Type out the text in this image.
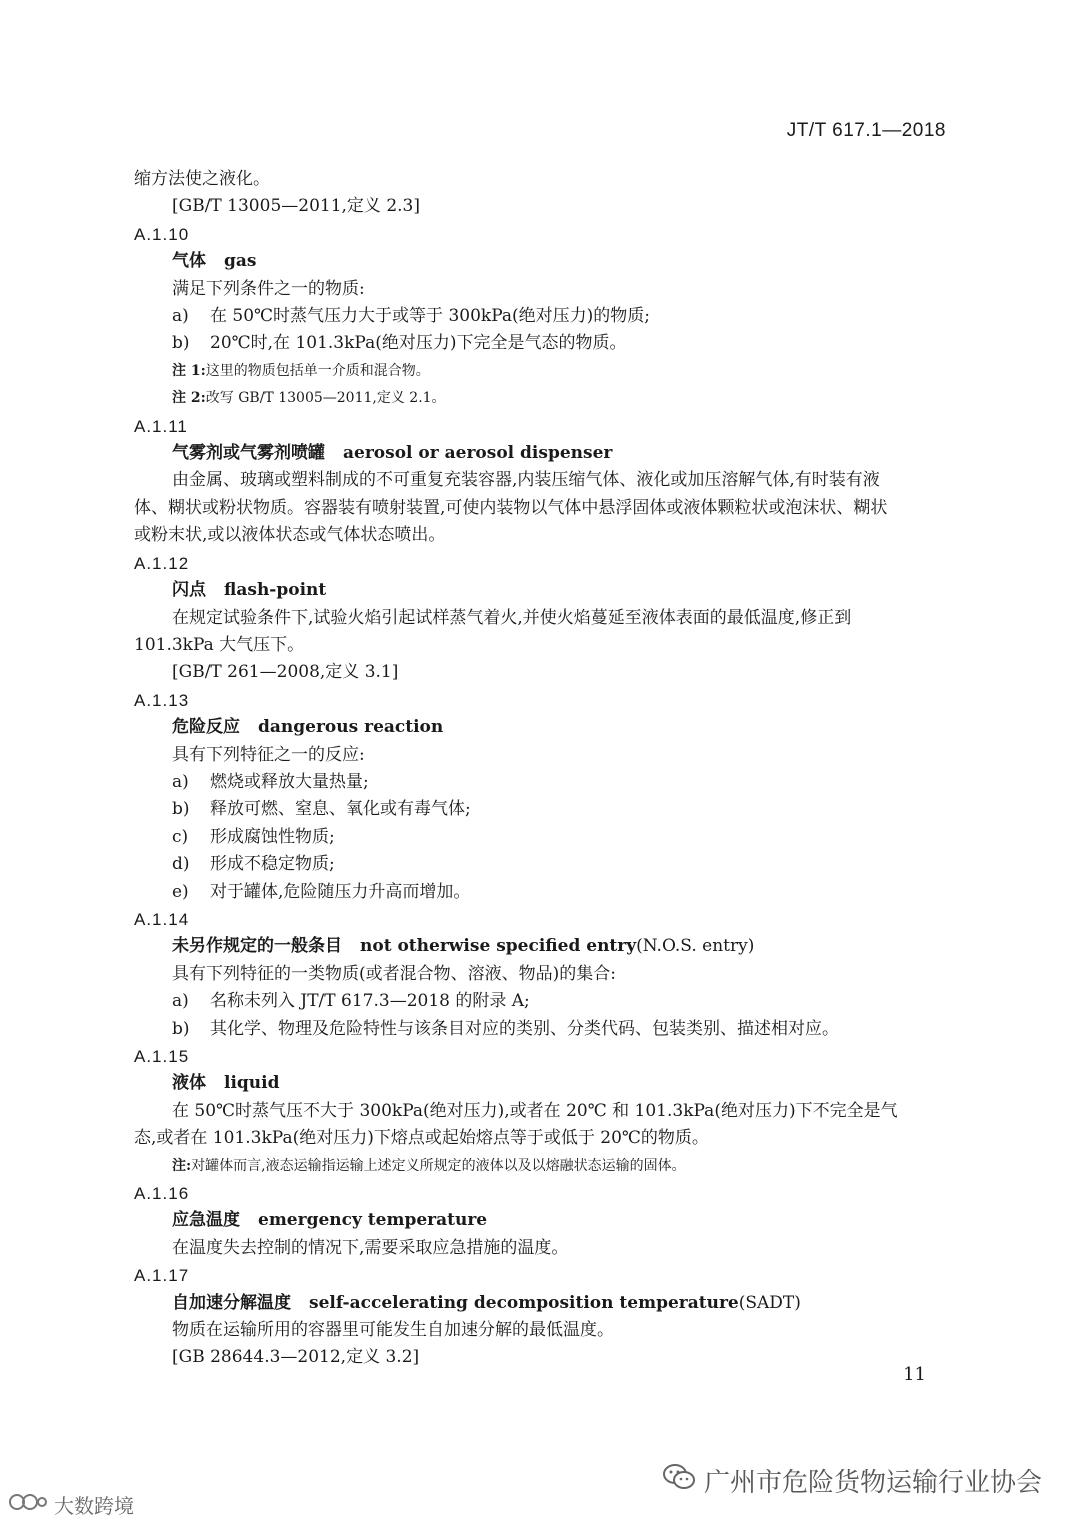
JT/T 617.1—2018
缩方法使之液化。
[GB/T 13005—2011,定义 2.3]
A.1.10
气体 gas
满足下列条件之一的物质:
a) 在 50℃时蒸气压力大于或等于 300kPa(绝对压力)的物质;
b) 20℃时,在 101.3kPa(绝对压力)下完全是气态的物质。
注 1:这里的物质包括单一介质和混合物。
注 2:改写 GB/T 13005—2011,定义 2.1。
A.1.11
气雾剂或气雾剂喷罐 aerosol or aerosol dispenser
由金属、玻璃或塑料制成的不可重复充装容器,内装压缩气体、液化或加压溶解气体,有时装有液
体、糊状或粉状物质。容器装有喷射装置,可使内装物以气体中悬浮固体或液体颗粒状或泡沫状、糊状
或粉末状,或以液体状态或气体状态喷出。
A.1.12
闪点 flash-point
在规定试验条件下,试验火焰引起试样蒸气着火,并使火焰蔓延至液体表面的最低温度,修正到
101.3kPa 大气压下。
[GB/T 261—2008,定义 3.1]
A.1.13
危险反应 dangerous reaction
具有下列特征之一的反应:
a) 燃烧或释放大量热量;
b) 释放可燃、窒息、氧化或有毒气体;
c) 形成腐蚀性物质;
d) 形成不稳定物质;
e) 对于罐体,危险随压力升高而增加。
A.1.14
未另作规定的一般条目 not otherwise specified entry(N.O.S. entry)
具有下列特征的一类物质(或者混合物、溶液、物品)的集合:
a) 名称未列入 JT/T 617.3—2018 的附录 A;
b) 其化学、物理及危险特性与该条目对应的类别、分类代码、包装类别、描述相对应。
A.1.15
液体 liquid
在 50℃时蒸气压不大于 300kPa(绝对压力),或者在 20℃ 和 101.3kPa(绝对压力)下不完全是气
态,或者在 101.3kPa(绝对压力)下熔点或起始熔点等于或低于 20℃的物质。
注:对罐体而言,液态运输指运输上述定义所规定的液体以及以熔融状态运输的固体。
A.1.16
应急温度 emergency temperature
在温度失去控制的情况下,需要采取应急措施的温度。
A.1.17
自加速分解温度 self-accelerating decomposition temperature(SADT)
物质在运输所用的容器里可能发生自加速分解的最低温度。
[GB 28644.3—2012,定义 3.2]
11
广州市危险货物运输行业协会
大数跨境
